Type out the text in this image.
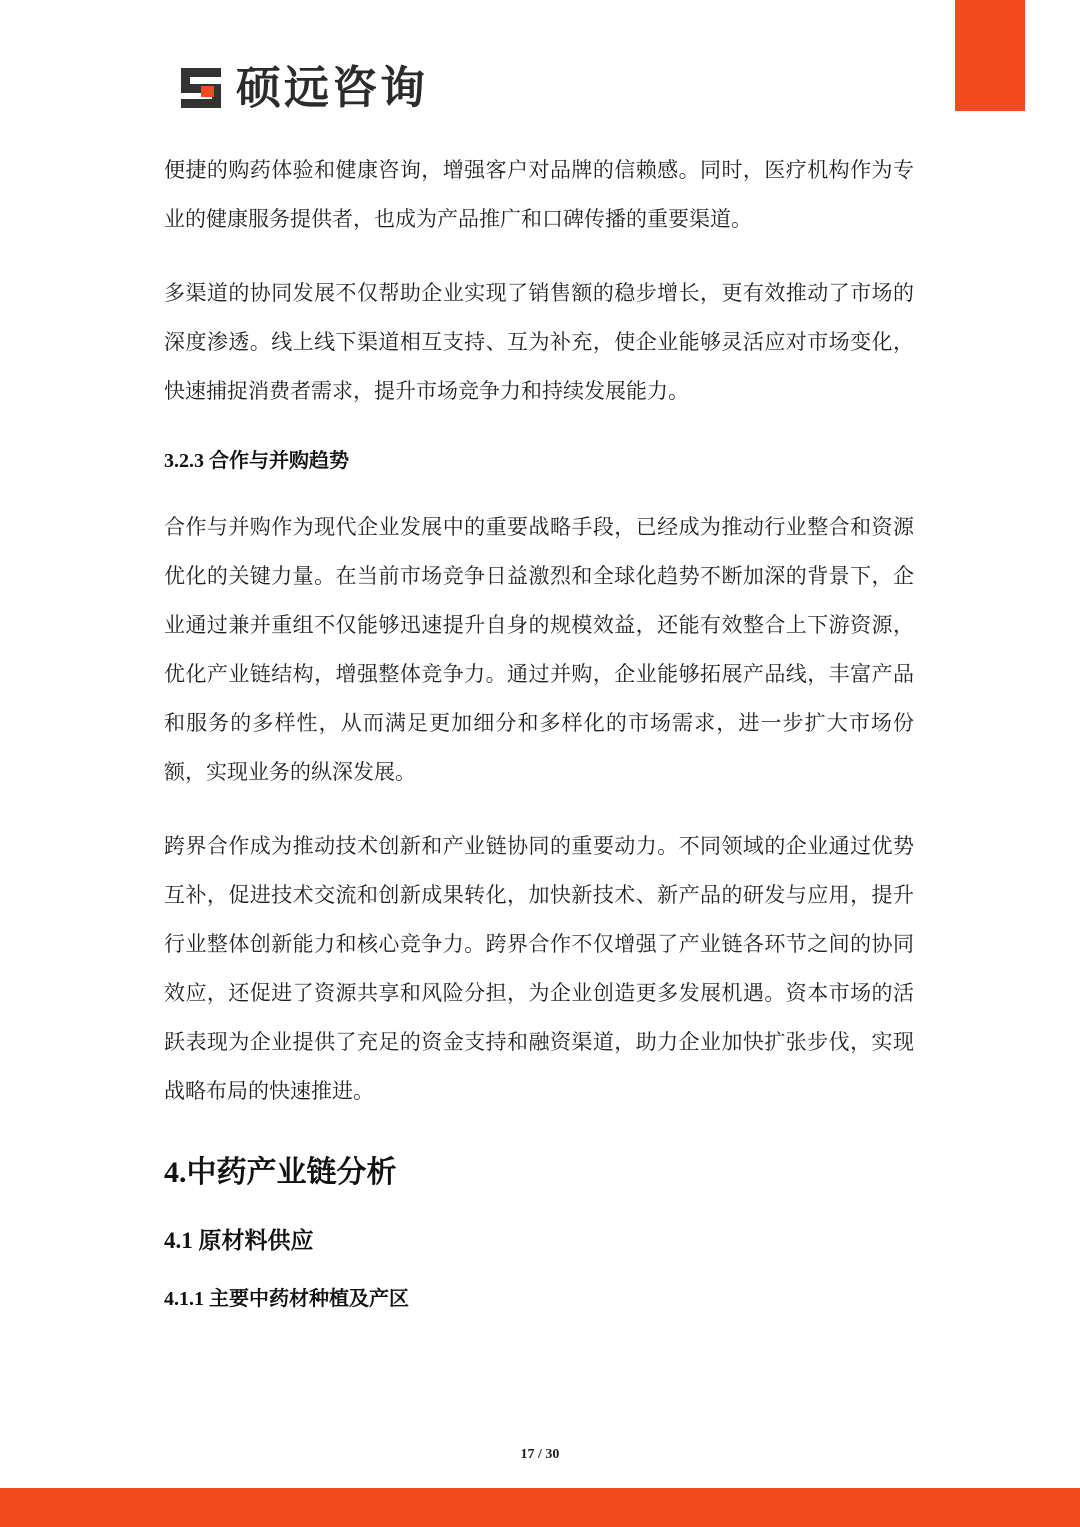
硕远咨询

便捷的购药体验和健康咨询，增强客户对品牌的信赖感。同时，医疗机构作为专业的健康服务提供者，也成为产品推广和口碑传播的重要渠道。

多渠道的协同发展不仅帮助企业实现了销售额的稳步增长，更有效推动了市场的深度渗透。线上线下渠道相互支持、互为补充，使企业能够灵活应对市场变化，快速捕捉消费者需求，提升市场竞争力和持续发展能力。

3.2.3 合作与并购趋势

合作与并购作为现代企业发展中的重要战略手段，已经成为推动行业整合和资源优化的关键力量。在当前市场竞争日益激烈和全球化趋势不断加深的背景下，企业通过兼并重组不仅能够迅速提升自身的规模效益，还能有效整合上下游资源，优化产业链结构，增强整体竞争力。通过并购，企业能够拓展产品线，丰富产品和服务的多样性，从而满足更加细分和多样化的市场需求，进一步扩大市场份额，实现业务的纵深发展。

跨界合作成为推动技术创新和产业链协同的重要动力。不同领域的企业通过优势互补，促进技术交流和创新成果转化，加快新技术、新产品的研发与应用，提升行业整体创新能力和核心竞争力。跨界合作不仅增强了产业链各环节之间的协同效应，还促进了资源共享和风险分担，为企业创造更多发展机遇。资本市场的活跃表现为企业提供了充足的资金支持和融资渠道，助力企业加快扩张步伐，实现战略布局的快速推进。

4.中药产业链分析
4.1 原材料供应
4.1.1 主要中药材种植及产区
17 / 30
